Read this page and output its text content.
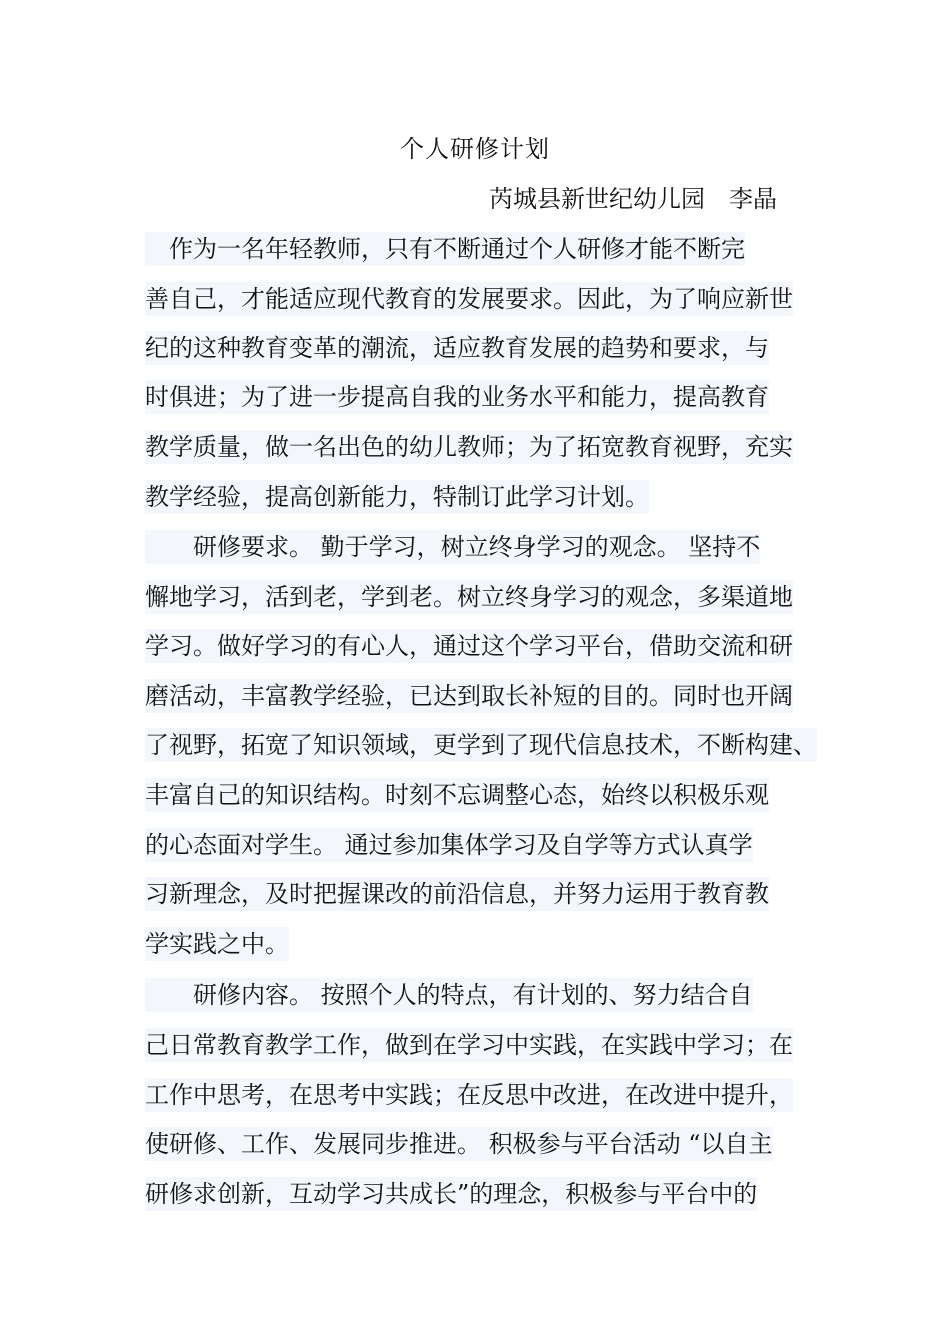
个人研修计划
芮城县新世纪幼儿园　李晶
　作为一名年轻教师，只有不断通过个人研修才能不断完
善自己，才能适应现代教育的发展要求。因此，为了响应新世
纪的这种教育变革的潮流，适应教育发展的趋势和要求，与
时俱进；为了进一步提高自我的业务水平和能力，提高教育
教学质量，做一名出色的幼儿教师；为了拓宽教育视野，充实
教学经验，提高创新能力，特制订此学习计划。
　　研修要求。 勤于学习，树立终身学习的观念。 坚持不
懈地学习，活到老，学到老。树立终身学习的观念，多渠道地
学习。做好学习的有心人，通过这个学习平台，借助交流和研
磨活动，丰富教学经验，已达到取长补短的目的。同时也开阔
了视野，拓宽了知识领域，更学到了现代信息技术，不断构建、
丰富自己的知识结构。时刻不忘调整心态，始终以积极乐观
的心态面对学生。 通过参加集体学习及自学等方式认真学
习新理念，及时把握课改的前沿信息，并努力运用于教育教
学实践之中。
　　研修内容。 按照个人的特点，有计划的、努力结合自
己日常教育教学工作，做到在学习中实践，在实践中学习；在
工作中思考，在思考中实践；在反思中改进，在改进中提升，
使研修、工作、发展同步推进。 积极参与平台活动 “以自主
研修求创新，互动学习共成长”的理念，积极参与平台中的
